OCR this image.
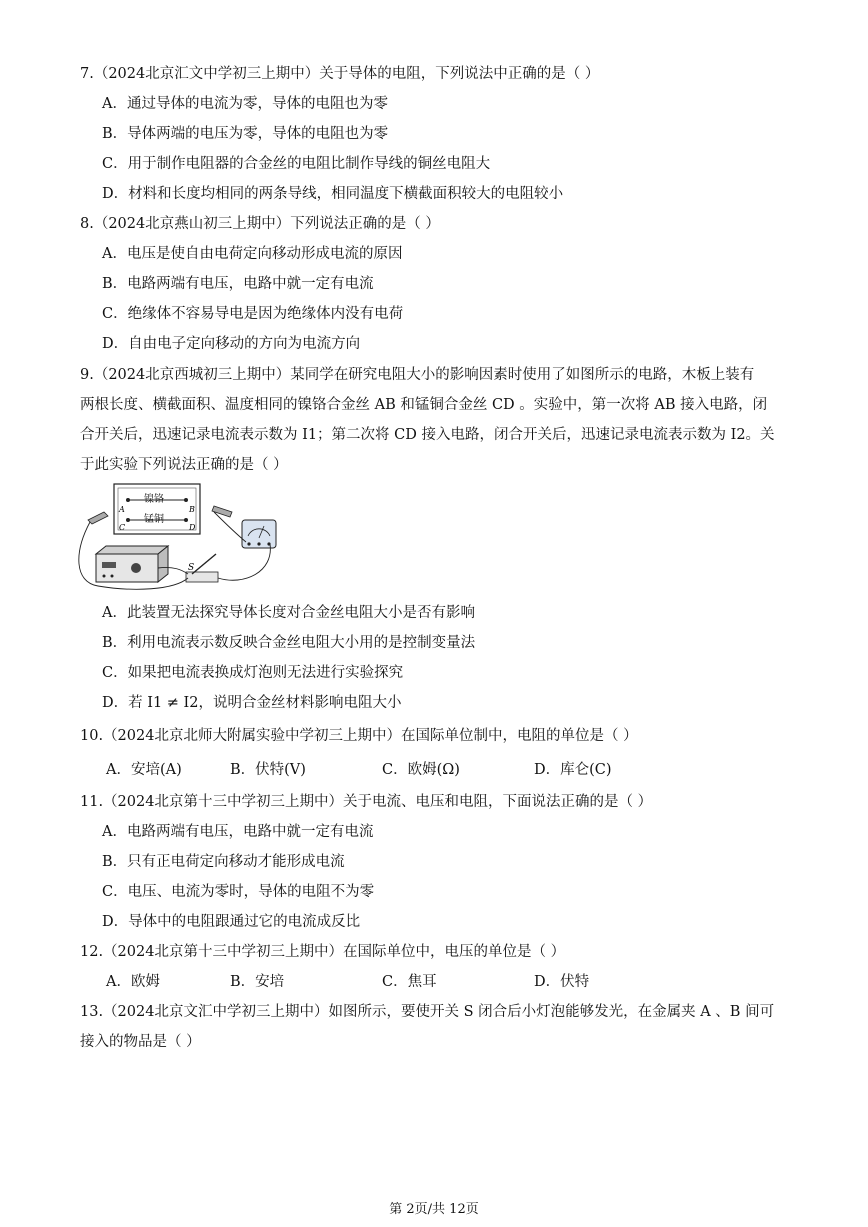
7.（2024北京汇文中学初三上期中）关于导体的电阻，下列说法中正确的是（ ）
A．通过导体的电流为零，导体的电阻也为零
B．导体两端的电压为零，导体的电阻也为零
C．用于制作电阻器的合金丝的电阻比制作导线的铜丝电阻大
D．材料和长度均相同的两条导线，相同温度下横截面积较大的电阻较小
8.（2024北京燕山初三上期中）下列说法正确的是（ ）
A．电压是使自由电荷定向移动形成电流的原因
B．电路两端有电压，电路中就一定有电流
C．绝缘体不容易导电是因为绝缘体内没有电荷
D．自由电子定向移动的方向为电流方向
9.（2024北京西城初三上期中）某同学在研究电阻大小的影响因素时使用了如图所示的电路，木板上装有
两根长度、横截面积、温度相同的镍铬合金丝 AB 和锰铜合金丝 CD 。实验中，第一次将 AB 接入电路，闭
合开关后，迅速记录电流表示数为 I1；第二次将 CD 接入电路，闭合开关后，迅速记录电流表示数为 I2。关
于此实验下列说法正确的是（ ）
镍铬
锰铜
A	B
C	D
S
A．此装置无法探究导体长度对合金丝电阻大小是否有影响
B．利用电流表示数反映合金丝电阻大小用的是控制变量法
C．如果把电流表换成灯泡则无法进行实验探究
D．若 I1 ≠ I2，说明合金丝材料影响电阻大小
10.（2024北京北师大附属实验中学初三上期中）在国际单位制中，电阻的单位是（ ）
A．安培(A)	B．伏特(V)	C．欧姆(Ω)	D．库仑(C)
11.（2024北京第十三中学初三上期中）关于电流、电压和电阻，下面说法正确的是（ ）
A．电路两端有电压，电路中就一定有电流
B．只有正电荷定向移动才能形成电流
C．电压、电流为零时，导体的电阻不为零
D．导体中的电阻跟通过它的电流成反比
12.（2024北京第十三中学初三上期中）在国际单位中，电压的单位是（ ）
A．欧姆	B．安培	C．焦耳	D．伏特
13.（2024北京文汇中学初三上期中）如图所示，要使开关 S 闭合后小灯泡能够发光，在金属夹 A 、B 间可
接入的物品是（ ）
第 2页/共 12页
